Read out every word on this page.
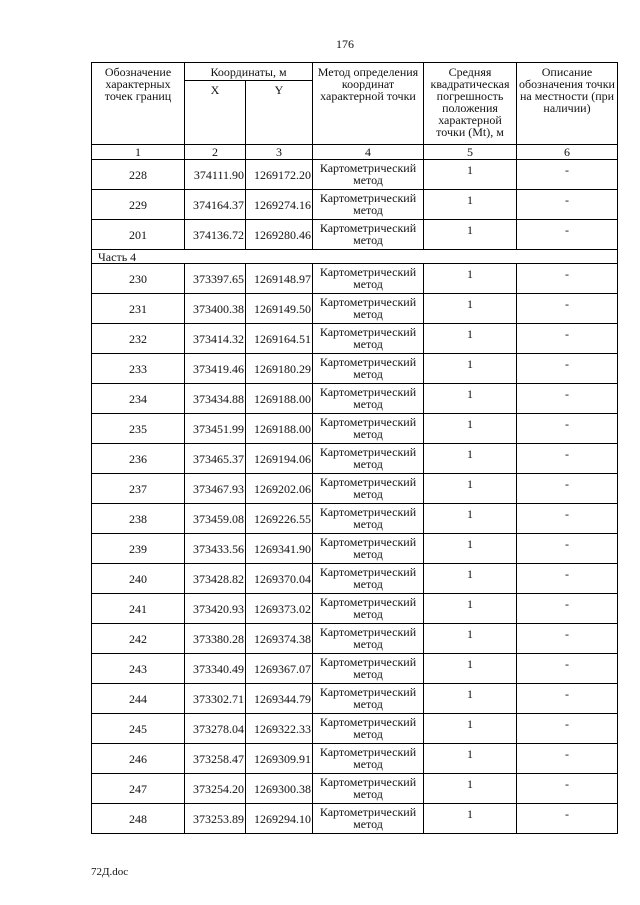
176
Обозначение характерных точек границ	Координаты, м		Метод определения координат характерной точки	Средняя квадратическая погрешность положения характерной точки (Mt), м	Описание обозначения точки на местности (при наличии)
	X	Y			
1	2	3	4	5	6
228	374111.90	1269172.20	Картометрический метод	1	-
229	374164.37	1269274.16	Картометрический метод	1	-
201	374136.72	1269280.46	Картометрический метод	1	-
Часть 4					
230	373397.65	1269148.97	Картометрический метод	1	-
231	373400.38	1269149.50	Картометрический метод	1	-
232	373414.32	1269164.51	Картометрический метод	1	-
233	373419.46	1269180.29	Картометрический метод	1	-
234	373434.88	1269188.00	Картометрический метод	1	-
235	373451.99	1269188.00	Картометрический метод	1	-
236	373465.37	1269194.06	Картометрический метод	1	-
237	373467.93	1269202.06	Картометрический метод	1	-
238	373459.08	1269226.55	Картометрический метод	1	-
239	373433.56	1269341.90	Картометрический метод	1	-
240	373428.82	1269370.04	Картометрический метод	1	-
241	373420.93	1269373.02	Картометрический метод	1	-
242	373380.28	1269374.38	Картометрический метод	1	-
243	373340.49	1269367.07	Картометрический метод	1	-
244	373302.71	1269344.79	Картометрический метод	1	-
245	373278.04	1269322.33	Картометрический метод	1	-
246	373258.47	1269309.91	Картометрический метод	1	-
247	373254.20	1269300.38	Картометрический метод	1	-
248	373253.89	1269294.10	Картометрический метод	1	-
72Д.doc
